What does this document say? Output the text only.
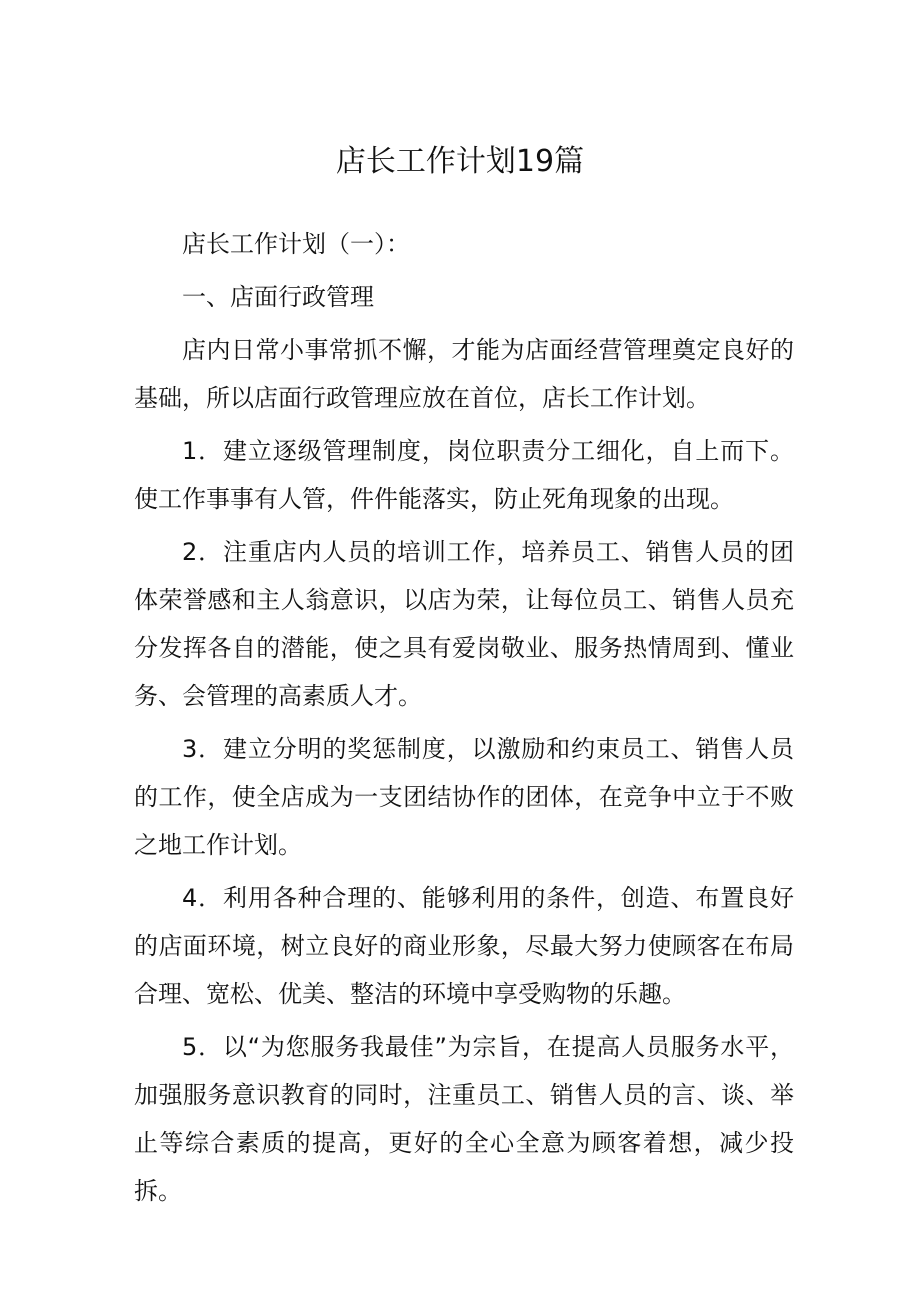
店长工作计划19篇

店长工作计划（一）：

一、店面行政管理

店内日常小事常抓不懈，才能为店面经营管理奠定良好的基础，所以店面行政管理应放在首位，店长工作计划。

1．建立逐级管理制度，岗位职责分工细化，自上而下。使工作事事有人管，件件能落实，防止死角现象的出现。

2．注重店内人员的培训工作，培养员工、销售人员的团体荣誉感和主人翁意识，以店为荣，让每位员工、销售人员充分发挥各自的潜能，使之具有爱岗敬业、服务热情周到、懂业务、会管理的高素质人才。

3．建立分明的奖惩制度，以激励和约束员工、销售人员的工作，使全店成为一支团结协作的团体，在竞争中立于不败之地工作计划。

4．利用各种合理的、能够利用的条件，创造、布置良好的店面环境，树立良好的商业形象，尽最大努力使顾客在布局合理、宽松、优美、整洁的环境中享受购物的乐趣。

5．以“为您服务我最佳”为宗旨，在提高人员服务水平，加强服务意识教育的同时，注重员工、销售人员的言、谈、举止等综合素质的提高，更好的全心全意为顾客着想，减少投拆。
